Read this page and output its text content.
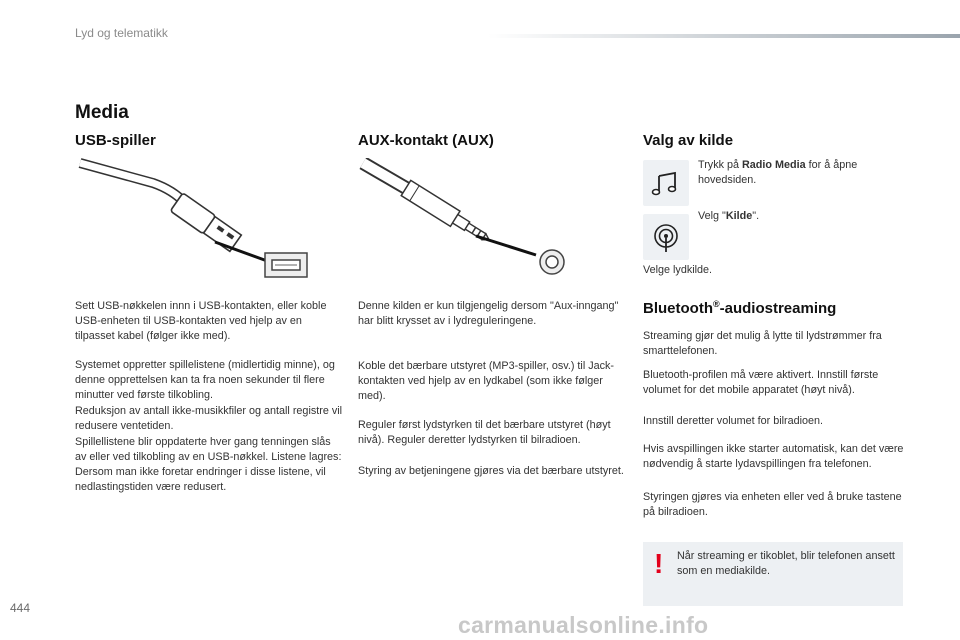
Lyd og telematikk
Media
USB-spiller
Sett USB-nøkkelen innn i USB-kontakten, eller koble USB-enheten til USB-kontakten ved hjelp av en tilpasset kabel (følger ikke med).
Systemet oppretter spillelistene (midlertidig minne), og denne opprettelsen kan ta fra noen sekunder til flere minutter ved første tilkobling.
Reduksjon av antall ikke-musikkfiler og antall registre vil redusere ventetiden.
Spillellistene blir oppdaterte hver gang tenningen slås av eller ved tilkobling av en USB-nøkkel. Listene lagres: Dersom man ikke foretar endringer i disse listene, vil nedlastingstiden være redusert.
AUX-kontakt (AUX)
Denne kilden er kun tilgjengelig dersom "Aux-inngang" har blitt krysset av i lydreguleringene.
Koble det bærbare utstyret (MP3-spiller, osv.) til Jack-kontakten ved hjelp av en lydkabel (som ikke følger med).
Reguler først lydstyrken til det bærbare utstyret (høyt nivå). Reguler deretter lydstyrken til bilradioen.
Styring av betjeningene gjøres via det bærbare utstyret.
Valg av kilde
Trykk på Radio Media for å åpne hovedsiden.
Velg "Kilde".
Velge lydkilde.
Bluetooth®-audiostreaming
Streaming gjør det mulig å lytte til lydstrømmer fra smarttelefonen.
Bluetooth-profilen må være aktivert. Innstill første volumet for det mobile apparatet (høyt nivå).
Innstill deretter volumet for bilradioen.
Hvis avspillingen ikke starter automatisk, kan det være nødvendig å starte lydavspillingen fra telefonen.
Styringen gjøres via enheten eller ved å bruke tastene på bilradioen.
! Når streaming er tikoblet, blir telefonen ansett som en mediakilde.
444
carmanualsonline.info
